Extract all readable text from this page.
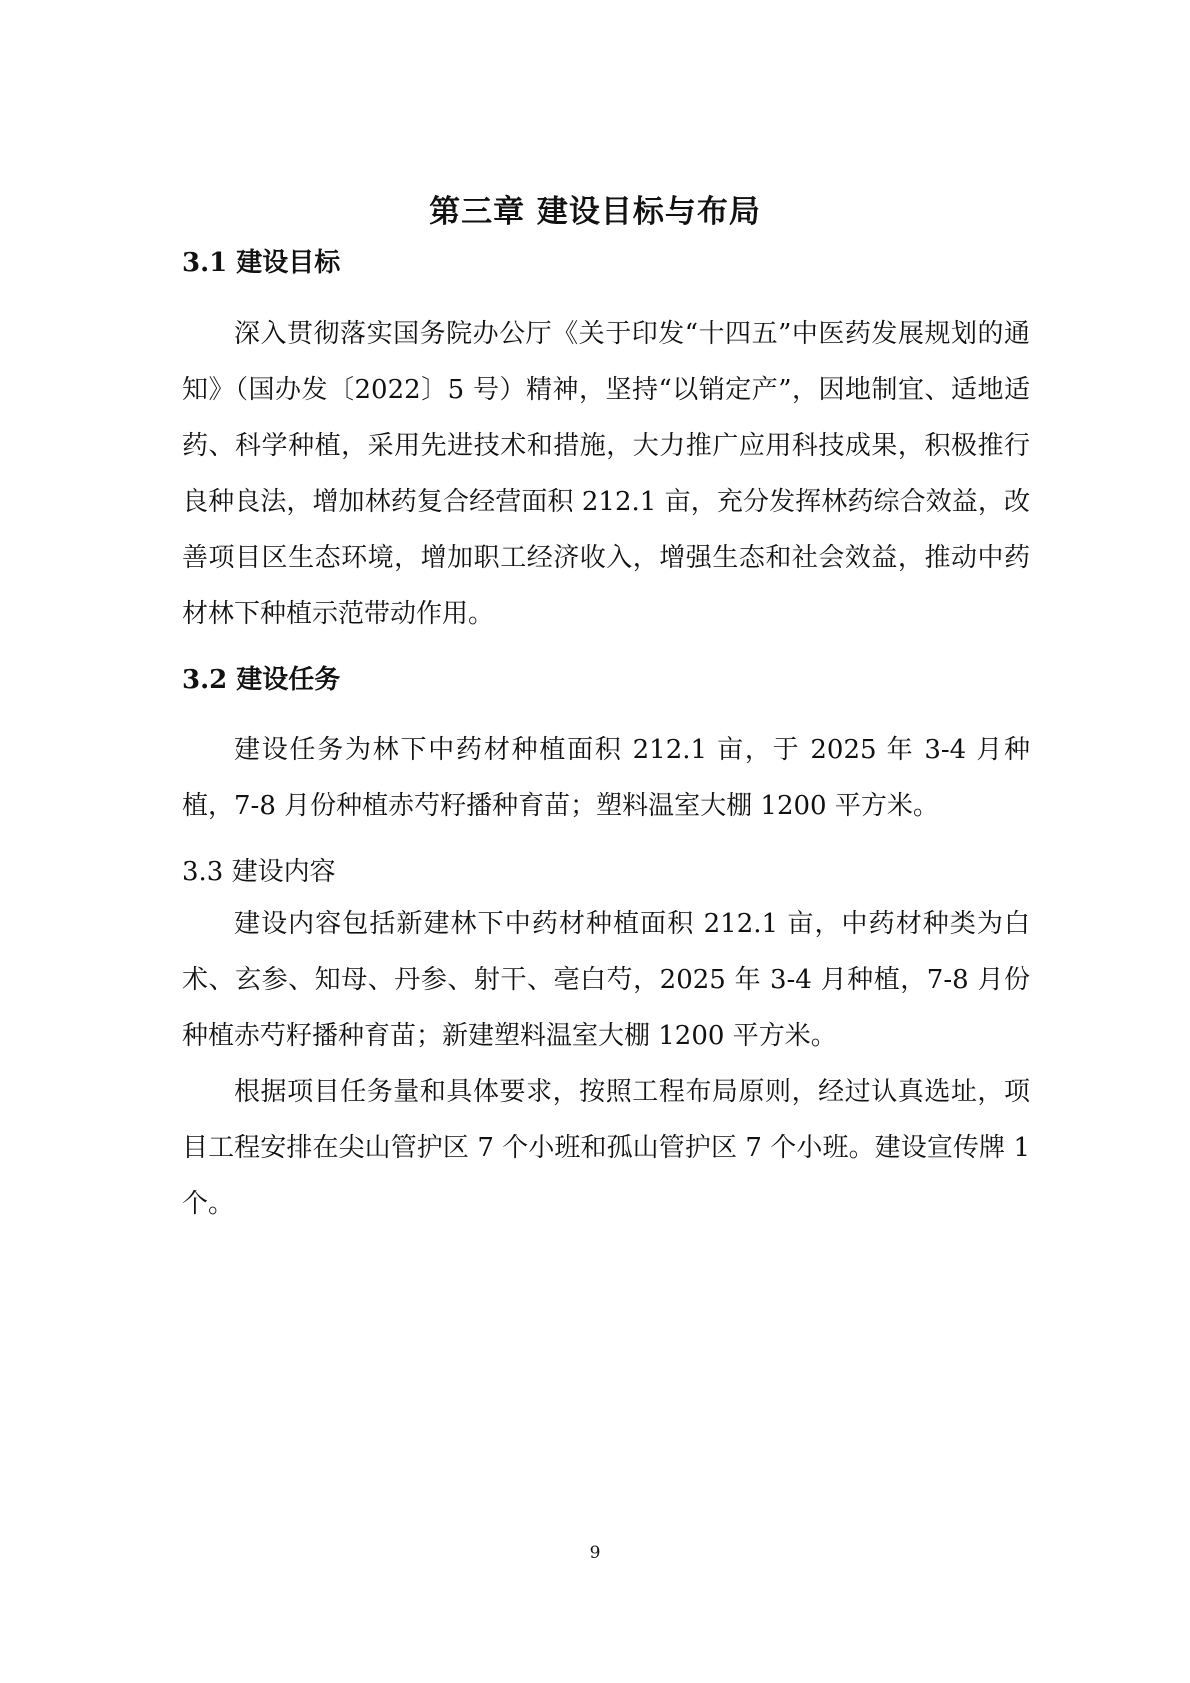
第三章 建设目标与布局
3.1 建设目标

深入贯彻落实国务院办公厅《关于印发“十四五”中医药发展规划的通知》（国办发〔2022〕5 号）精神，坚持“以销定产”，因地制宜、适地适药、科学种植，采用先进技术和措施，大力推广应用科技成果，积极推行良种良法，增加林药复合经营面积 212.1 亩，充分发挥林药综合效益，改善项目区生态环境，增加职工经济收入，增强生态和社会效益，推动中药材林下种植示范带动作用。

3.2 建设任务

建设任务为林下中药材种植面积 212.1 亩，于 2025 年 3-4 月种植，7-8 月份种植赤芍籽播种育苗；塑料温室大棚 1200 平方米。

3.3 建设内容

建设内容包括新建林下中药材种植面积 212.1 亩，中药材种类为白术、玄参、知母、丹参、射干、亳白芍，2025 年 3-4 月种植，7-8 月份种植赤芍籽播种育苗；新建塑料温室大棚 1200 平方米。

根据项目任务量和具体要求，按照工程布局原则，经过认真选址，项目工程安排在尖山管护区 7 个小班和孤山管护区 7 个小班。建设宣传牌 1 个。

9
